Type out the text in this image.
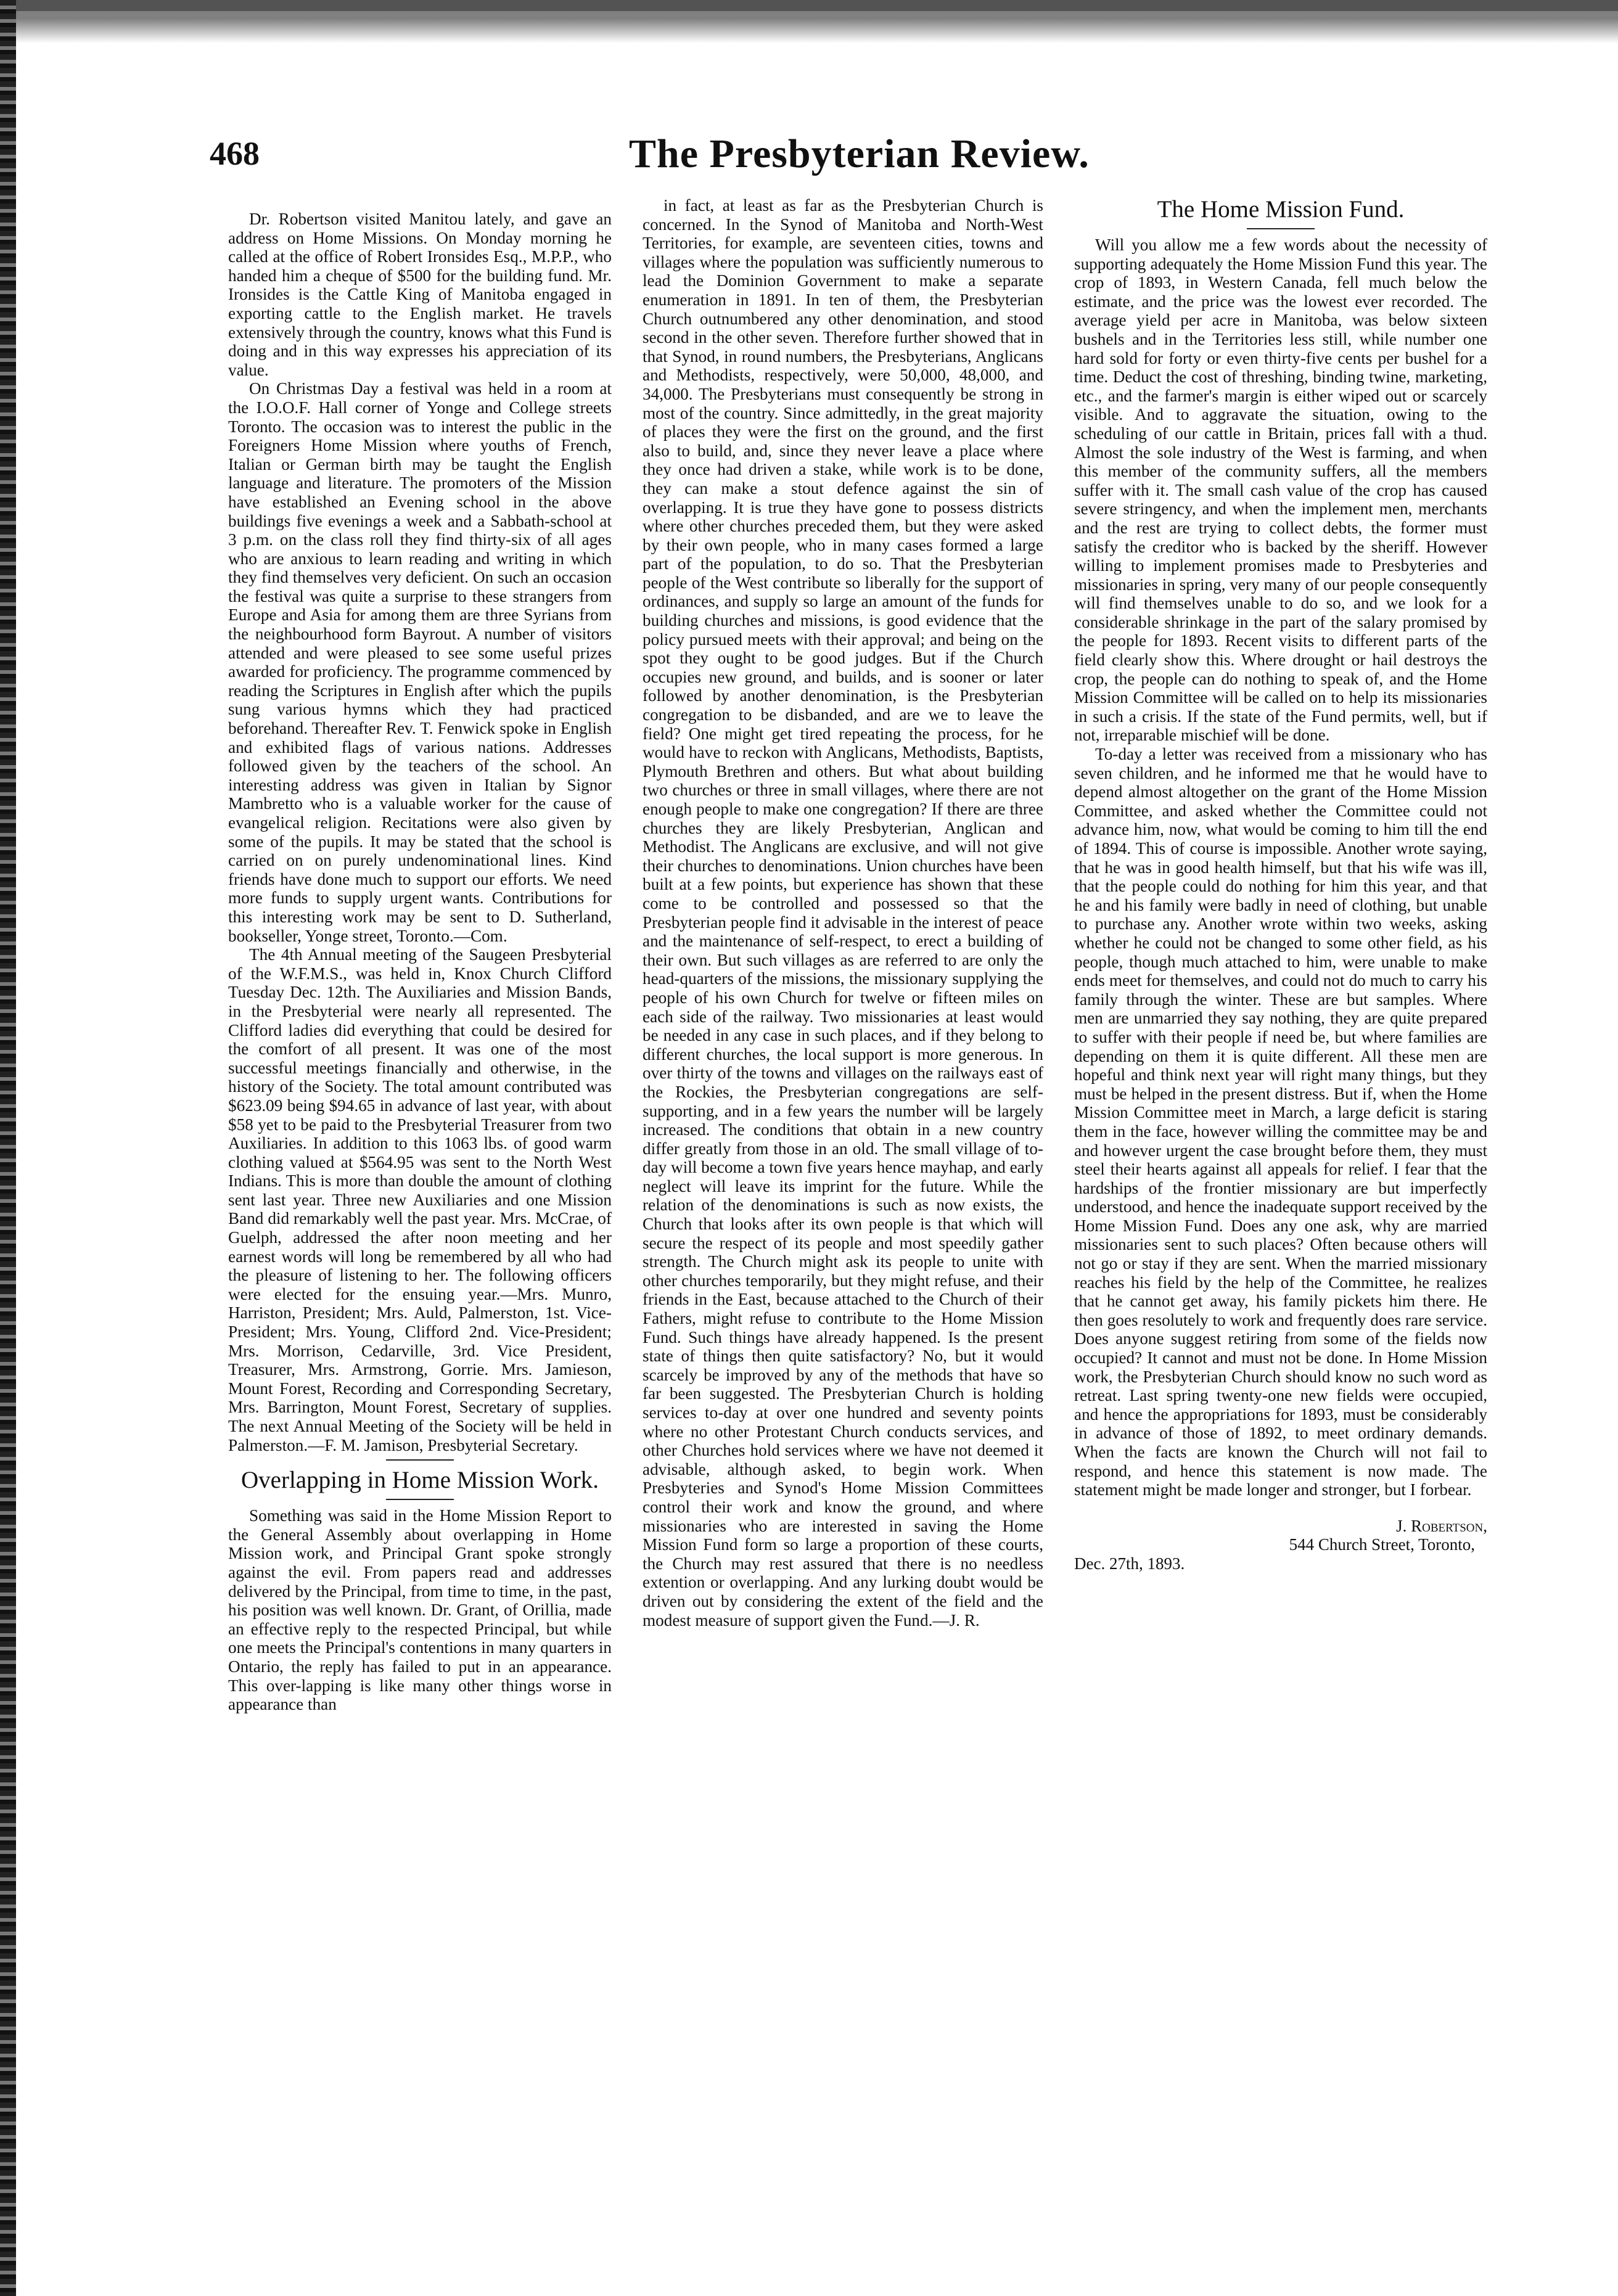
468	The Presbyterian Review.

Dr. Robertson visited Manitou lately, and gave an address on Home Missions. On Monday morning he called at the office of Robert Ironsides Esq., M.P.P., who handed him a cheque of $500 for the building fund. Mr. Ironsides is the Cattle King of Manitoba engaged in exporting cattle to the English market. He travels extensively through the country, knows what this Fund is doing and in this way expresses his appreciation of its value.

On Christmas Day a festival was held in a room at the I.O.O.F. Hall corner of Yonge and College streets Toronto. The occasion was to interest the public in the Foreigners Home Mission where youths of French, Italian or German birth may be taught the English language and literature. The promoters of the Mission have established an Evening school in the above buildings five evenings a week and a Sabbath-school at 3 p.m. on the class roll they find thirty-six of all ages who are anxious to learn reading and writing in which they find themselves very deficient. On such an occasion the festival was quite a surprise to these strangers from Europe and Asia for among them are three Syrians from the neighbourhood form Bayrout. A number of visitors attended and were pleased to see some useful prizes awarded for proficiency. The programme commenced by reading the Scriptures in English after which the pupils sung various hymns which they had practiced beforehand. Thereafter Rev. T. Fenwick spoke in English and exhibited flags of various nations. Addresses followed given by the teachers of the school. An interesting address was given in Italian by Signor Mambretto who is a valuable worker for the cause of evangelical religion. Recitations were also given by some of the pupils. It may be stated that the school is carried on on purely undenominational lines. Kind friends have done much to support our efforts. We need more funds to supply urgent wants. Contributions for this interesting work may be sent to D. Sutherland, bookseller, Yonge street, Toronto.—Com.

The 4th Annual meeting of the Saugeen Presbyterial of the W.F.M.S., was held in, Knox Church Clifford Tuesday Dec. 12th. The Auxiliaries and Mission Bands, in the Presbyterial were nearly all represented. The Clifford ladies did everything that could be desired for the comfort of all present. It was one of the most successful meetings financially and otherwise, in the history of the Society. The total amount contributed was $623.09 being $94.65 in advance of last year, with about $58 yet to be paid to the Presbyterial Treasurer from two Auxiliaries. In addition to this 1063 lbs. of good warm clothing valued at $564.95 was sent to the North West Indians. This is more than double the amount of clothing sent last year. Three new Auxiliaries and one Mission Band did remarkably well the past year. Mrs. McCrae, of Guelph, addressed the after noon meeting and her earnest words will long be remembered by all who had the pleasure of listening to her. The following officers were elected for the ensuing year.—Mrs. Munro, Harriston, President; Mrs. Auld, Palmerston, 1st. Vice-President; Mrs. Young, Clifford 2nd. Vice-President; Mrs. Morrison, Cedarville, 3rd. Vice President, Treasurer, Mrs. Armstrong, Gorrie. Mrs. Jamieson, Mount Forest, Recording and Corresponding Secretary, Mrs. Barrington, Mount Forest, Secretary of supplies. The next Annual Meeting of the Society will be held in Palmerston.—F. M. Jamison, Presbyterial Secretary.

Overlapping in Home Mission Work.

Something was said in the Home Mission Report to the General Assembly about overlapping in Home Mission work, and Principal Grant spoke strongly against the evil. From papers read and addresses delivered by the Principal, from time to time, in the past, his position was well known. Dr. Grant, of Orillia, made an effective reply to the respected Principal, but while one meets the Principal's contentions in many quarters in Ontario, the reply has failed to put in an appearance. This over-lapping is like many other things worse in appearance than

in fact, at least as far as the Presbyterian Church is concerned. In the Synod of Manitoba and North-West Territories, for example, are seventeen cities, towns and villages where the population was sufficiently numerous to lead the Dominion Government to make a separate enumeration in 1891. In ten of them, the Presbyterian Church outnumbered any other denomination, and stood second in the other seven. Therefore further showed that in that Synod, in round numbers, the Presbyterians, Anglicans and Methodists, respectively, were 50,000, 48,000, and 34,000. The Presbyterians must consequently be strong in most of the country. Since admittedly, in the great majority of places they were the first on the ground, and the first also to build, and, since they never leave a place where they once had driven a stake, while work is to be done, they can make a stout defence against the sin of overlapping. It is true they have gone to possess districts where other churches preceded them, but they were asked by their own people, who in many cases formed a large part of the population, to do so. That the Presbyterian people of the West contribute so liberally for the support of ordinances, and supply so large an amount of the funds for building churches and missions, is good evidence that the policy pursued meets with their approval; and being on the spot they ought to be good judges. But if the Church occupies new ground, and builds, and is sooner or later followed by another denomination, is the Presbyterian congregation to be disbanded, and are we to leave the field? One might get tired repeating the process, for he would have to reckon with Anglicans, Methodists, Baptists, Plymouth Brethren and others. But what about building two churches or three in small villages, where there are not enough people to make one congregation? If there are three churches they are likely Presbyterian, Anglican and Methodist. The Anglicans are exclusive, and will not give their churches to denominations. Union churches have been built at a few points, but experience has shown that these come to be controlled and possessed so that the Presbyterian people find it advisable in the interest of peace and the maintenance of self-respect, to erect a building of their own. But such villages as are referred to are only the head-quarters of the missions, the missionary supplying the people of his own Church for twelve or fifteen miles on each side of the railway. Two missionaries at least would be needed in any case in such places, and if they belong to different churches, the local support is more generous. In over thirty of the towns and villages on the railways east of the Rockies, the Presbyterian congregations are self-supporting, and in a few years the number will be largely increased. The conditions that obtain in a new country differ greatly from those in an old. The small village of to-day will become a town five years hence mayhap, and early neglect will leave its imprint for the future. While the relation of the denominations is such as now exists, the Church that looks after its own people is that which will secure the respect of its people and most speedily gather strength. The Church might ask its people to unite with other churches temporarily, but they might refuse, and their friends in the East, because attached to the Church of their Fathers, might refuse to contribute to the Home Mission Fund. Such things have already happened. Is the present state of things then quite satisfactory? No, but it would scarcely be improved by any of the methods that have so far been suggested. The Presbyterian Church is holding services to-day at over one hundred and seventy points where no other Protestant Church conducts services, and other Churches hold services where we have not deemed it advisable, although asked, to begin work. When Presbyteries and Synod's Home Mission Committees control their work and know the ground, and where missionaries who are interested in saving the Home Mission Fund form so large a proportion of these courts, the Church may rest assured that there is no needless extention or overlapping. And any lurking doubt would be driven out by considering the extent of the field and the modest measure of support given the Fund.—J. R.

The Home Mission Fund.

Will you allow me a few words about the necessity of supporting adequately the Home Mission Fund this year. The crop of 1893, in Western Canada, fell much below the estimate, and the price was the lowest ever recorded. The average yield per acre in Manitoba, was below sixteen bushels and in the Territories less still, while number one hard sold for forty or even thirty-five cents per bushel for a time. Deduct the cost of threshing, binding twine, marketing, etc., and the farmer's margin is either wiped out or scarcely visible. And to aggravate the situation, owing to the scheduling of our cattle in Britain, prices fall with a thud. Almost the sole industry of the West is farming, and when this member of the community suffers, all the members suffer with it. The small cash value of the crop has caused severe stringency, and when the implement men, merchants and the rest are trying to collect debts, the former must satisfy the creditor who is backed by the sheriff. However willing to implement promises made to Presbyteries and missionaries in spring, very many of our people consequently will find themselves unable to do so, and we look for a considerable shrinkage in the part of the salary promised by the people for 1893. Recent visits to different parts of the field clearly show this. Where drought or hail destroys the crop, the people can do nothing to speak of, and the Home Mission Committee will be called on to help its missionaries in such a crisis. If the state of the Fund permits, well, but if not, irreparable mischief will be done.

To-day a letter was received from a missionary who has seven children, and he informed me that he would have to depend almost altogether on the grant of the Home Mission Committee, and asked whether the Committee could not advance him, now, what would be coming to him till the end of 1894. This of course is impossible. Another wrote saying, that he was in good health himself, but that his wife was ill, that the people could do nothing for him this year, and that he and his family were badly in need of clothing, but unable to purchase any. Another wrote within two weeks, asking whether he could not be changed to some other field, as his people, though much attached to him, were unable to make ends meet for themselves, and could not do much to carry his family through the winter. These are but samples. Where men are unmarried they say nothing, they are quite prepared to suffer with their people if need be, but where families are depending on them it is quite different. All these men are hopeful and think next year will right many things, but they must be helped in the present distress. But if, when the Home Mission Committee meet in March, a large deficit is staring them in the face, however willing the committee may be and and however urgent the case brought before them, they must steel their hearts against all appeals for relief. I fear that the hardships of the frontier missionary are but imperfectly understood, and hence the inadequate support received by the Home Mission Fund. Does any one ask, why are married missionaries sent to such places? Often because others will not go or stay if they are sent. When the married missionary reaches his field by the help of the Committee, he realizes that he cannot get away, his family pickets him there. He then goes resolutely to work and frequently does rare service. Does anyone suggest retiring from some of the fields now occupied? It cannot and must not be done. In Home Mission work, the Presbyterian Church should know no such word as retreat. Last spring twenty-one new fields were occupied, and hence the appropriations for 1893, must be considerably in advance of those of 1892, to meet ordinary demands. When the facts are known the Church will not fail to respond, and hence this statement is now made. The statement might be made longer and stronger, but I forbear.

J. Robertson,

544 Church Street, Toronto,

Dec. 27th, 1893.
